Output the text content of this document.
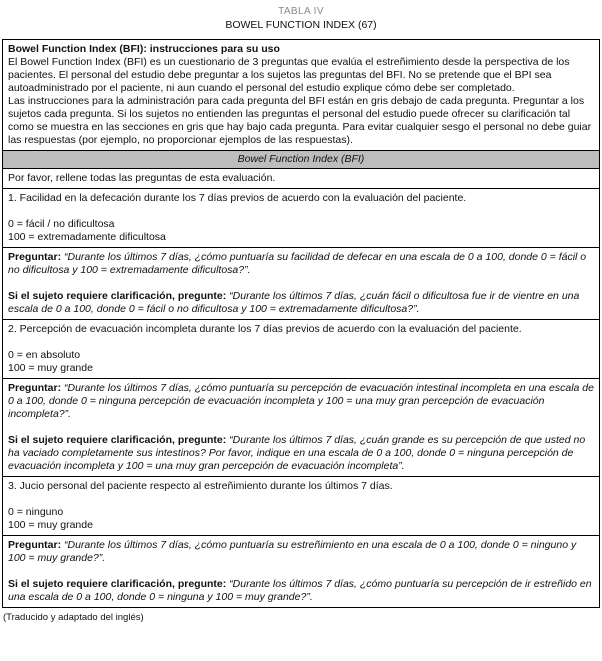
TABLA IV
BOWEL FUNCTION INDEX (67)

Bowel Function Index (BFI): instrucciones para su uso

El Bowel Function Index (BFI) es un cuestionario de 3 preguntas que evalúa el estreñimiento desde la perspectiva de los pacientes. El personal del estudio debe preguntar a los sujetos las preguntas del BFI. No se pretende que el BPI sea autoadministrado por el paciente, ni aun cuando el personal del estudio explique cómo debe ser completado.

Las instrucciones para la administración para cada pregunta del BFI están en gris debajo de cada pregunta. Preguntar a los sujetos cada pregunta. Si los sujetos no entienden las preguntas el personal del estudio puede ofrecer su clarificación tal como se muestra en las secciones en gris que hay bajo cada pregunta. Para evitar cualquier sesgo el personal no debe guiar las respuestas (por ejemplo, no proporcionar ejemplos de las respuestas).

Bowel Function Index (BFI)
Por favor, rellene todas las preguntas de esta evaluación.

1. Facilidad en la defecación durante los 7 días previos de acuerdo con la evaluación del paciente.

0 = fácil / no dificultosa

100 = extremadamente dificultosa

Preguntar: “Durante los últimos 7 días, ¿cómo puntuaría su facilidad de defecar en una escala de 0 a 100, donde 0 = fácil o no dificultosa y 100 = extremadamente dificultosa?”.

Si el sujeto requiere clarificación, pregunte: “Durante los últimos 7 días, ¿cuán fácil o dificultosa fue ir de vientre en una escala de 0 a 100, donde 0 = fácil o no dificultosa y 100 = extremadamente dificultosa?”.

2. Percepción de evacuación incompleta durante los 7 días previos de acuerdo con la evaluación del paciente.

0 = en absoluto

100 = muy grande

Preguntar: “Durante los últimos 7 días, ¿cómo puntuaría su percepción de evacuación intestinal incompleta en una escala de 0 a 100, donde 0 = ninguna percepción de evacuación incompleta y 100 = una muy gran percepción de evacuación incompleta?”.

Si el sujeto requiere clarificación, pregunte: “Durante los últimos 7 días, ¿cuán grande es su percepción de que usted no ha vaciado completamente sus intestinos? Por favor, indique en una escala de 0 a 100, donde 0 = ninguna percepción de evacuación incompleta y 100 = una muy gran percepción de evacuación incompleta”.

3. Jucio personal del paciente respecto al estreñimiento durante los últimos 7 días.

0 = ninguno

100 = muy grande

Preguntar: “Durante los últimos 7 días, ¿cómo puntuaría su estreñimiento en una escala de 0 a 100, donde 0 = ninguno y 100 = muy grande?”.

Si el sujeto requiere clarificación, pregunte: “Durante los últimos 7 días, ¿cómo puntuaría su percepción de ir estreñido en una escala de 0 a 100, donde 0 = ninguna y 100 = muy grande?”.

(Traducido y adaptado del inglés)
